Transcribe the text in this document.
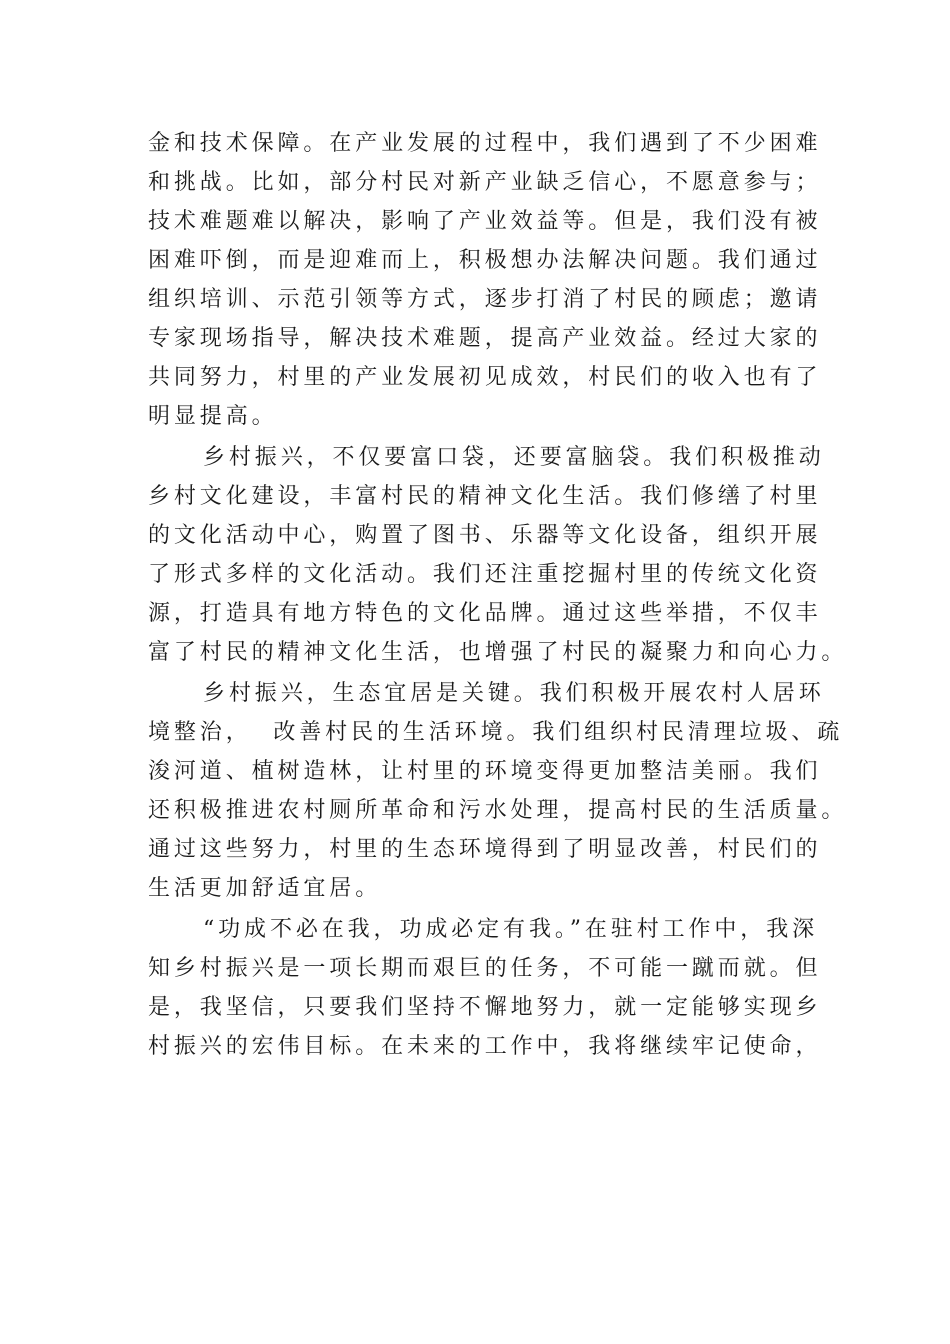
金和技术保障。在产业发展的过程中，我们遇到了不少困难
和挑战。比如，部分村民对新产业缺乏信心，不愿意参与；
技术难题难以解决，影响了产业效益等。但是，我们没有被
困难吓倒，而是迎难而上，积极想办法解决问题。我们通过
组织培训、示范引领等方式，逐步打消了村民的顾虑；邀请
专家现场指导，解决技术难题，提高产业效益。经过大家的
共同努力，村里的产业发展初见成效，村民们的收入也有了
明显提高。
乡村振兴，不仅要富口袋，还要富脑袋。我们积极推动
乡村文化建设，丰富村民的精神文化生活。我们修缮了村里
的文化活动中心，购置了图书、乐器等文化设备，组织开展
了形式多样的文化活动。我们还注重挖掘村里的传统文化资
源，打造具有地方特色的文化品牌。通过这些举措，不仅丰
富了村民的精神文化生活，也增强了村民的凝聚力和向心力。
乡村振兴，生态宜居是关键。我们积极开展农村人居环
境整治，  改善村民的生活环境。我们组织村民清理垃圾、疏
浚河道、植树造林，让村里的环境变得更加整洁美丽。我们
还积极推进农村厕所革命和污水处理，提高村民的生活质量。
通过这些努力，村里的生态环境得到了明显改善，村民们的
生活更加舒适宜居。
“功成不必在我，功成必定有我。”在驻村工作中，我深
知乡村振兴是一项长期而艰巨的任务，不可能一蹴而就。但
是，我坚信，只要我们坚持不懈地努力，就一定能够实现乡
村振兴的宏伟目标。在未来的工作中，我将继续牢记使命，
